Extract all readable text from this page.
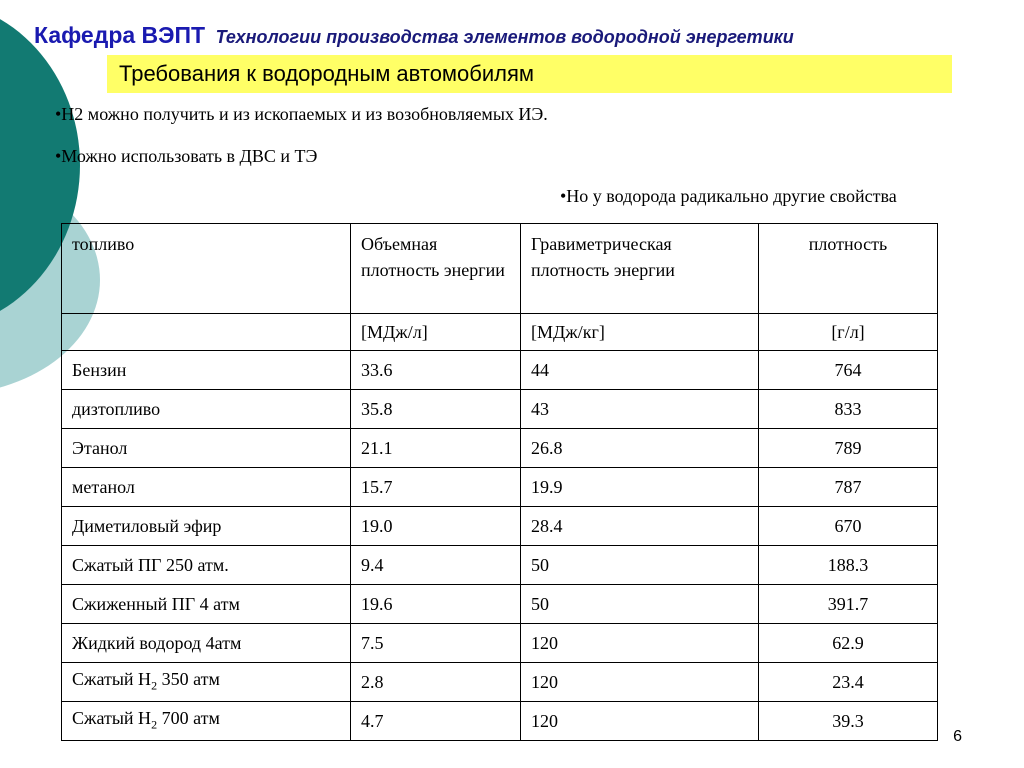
Кафедра ВЭПТ Технологии производства элементов водородной энергетики
Требования к водородным автомобилям
•H2 можно получить и из ископаемых и из возобновляемых ИЭ.
•Можно использовать в ДВС и ТЭ
•Но у водорода радикально другие свойства
топливо	Объемная плотность энергии	Гравиметрическая плотность энергии	плотность
	[МДж/л]	[МДж/кг]	[г/л]
Бензин	33.6	44	764
дизтопливо	35.8	43	833
Этанол	21.1	26.8	789
метанол	15.7	19.9	787
Диметиловый эфир	19.0	28.4	670
Сжатый ПГ 250 атм.	9.4	50	188.3
Сжиженный ПГ 4 атм	19.6	50	391.7
Жидкий водород 4атм	7.5	120	62.9
Сжатый $H_2$ 350 атм	2.8	120	23.4
Сжатый $H_2$ 700 атм	4.7	120	39.3
6
